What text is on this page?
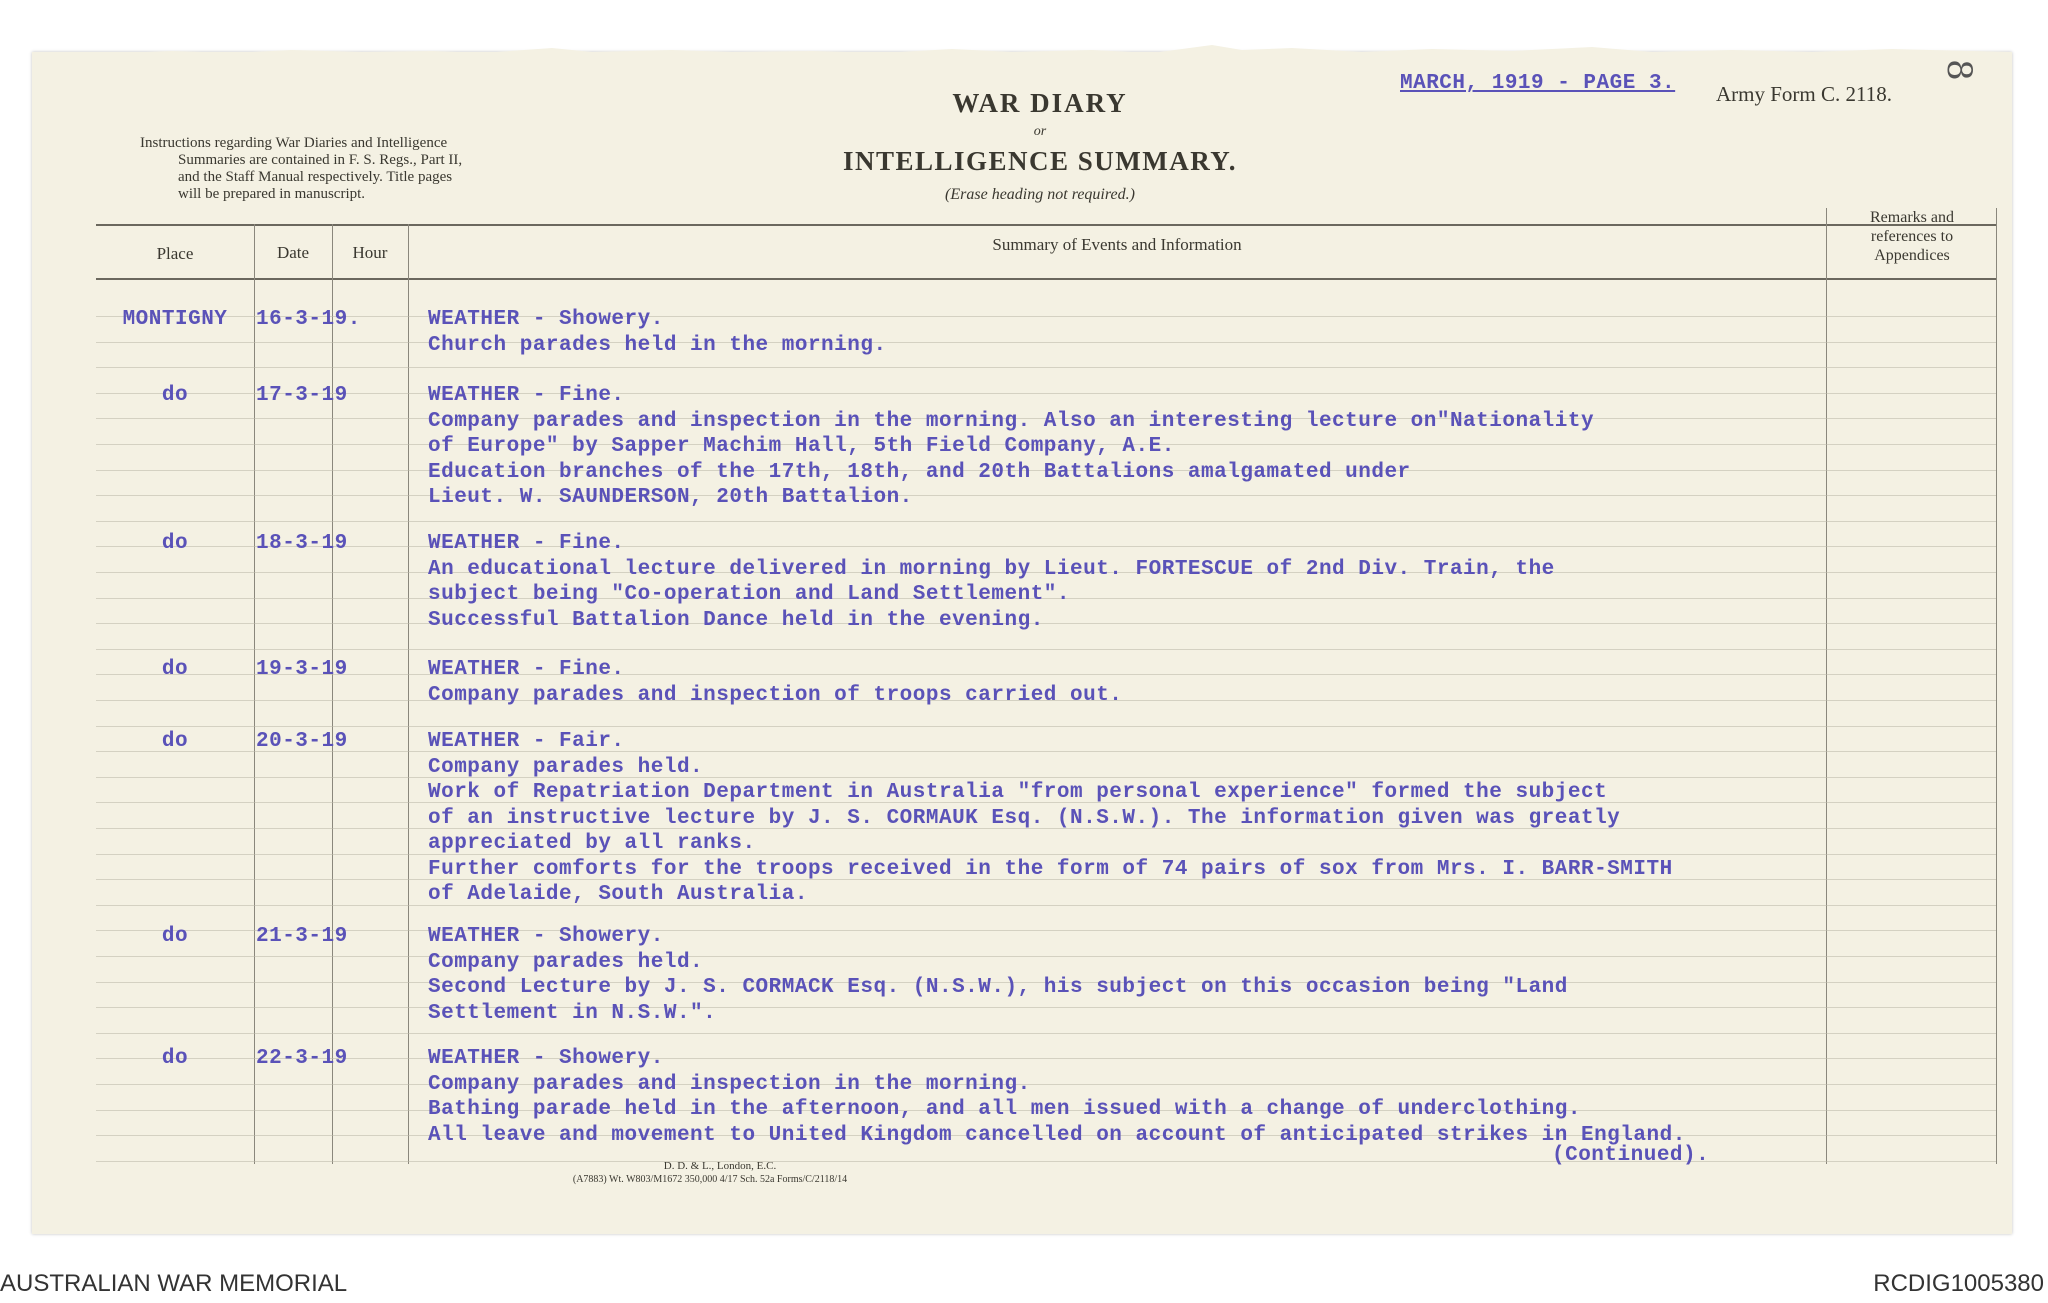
Instructions regarding War Diaries and Intelligence
Summaries are contained in F. S. Regs., Part II,
and the Staff Manual respectively. Title pages
will be prepared in manuscript.
WAR DIARY
or
INTELLIGENCE SUMMARY.
(Erase heading not required.)
MARCH, 1919 - PAGE 3. Army Form C. 2118.
8
Place	Date	Hour	Summary of Events and Information
Remarks and
references to
Appendices
MONTIGNY	16-3-19.	WEATHER - Showery.
Church parades held in the morning.
do	17-3-19	WEATHER - Fine.
Company parades and inspection in the morning. Also an interesting lecture on"Nationality
of Europe" by Sapper Machim Hall, 5th Field Company, A.E.
Education branches of the 17th, 18th, and 20th Battalions amalgamated under
Lieut. W. SAUNDERSON, 20th Battalion.
do	18-3-19	WEATHER - Fine.
An educational lecture delivered in morning by Lieut. FORTESCUE of 2nd Div. Train, the
subject being "Co-operation and Land Settlement".
Successful Battalion Dance held in the evening.
do	19-3-19	WEATHER - Fine.
Company parades and inspection of troops carried out.
do	20-3-19	WEATHER - Fair.
Company parades held.
Work of Repatriation Department in Australia "from personal experience" formed the subject
of an instructive lecture by J. S. CORMAUK Esq. (N.S.W.). The information given was greatly
appreciated by all ranks.
Further comforts for the troops received in the form of 74 pairs of sox from Mrs. I. BARR-SMITH
of Adelaide, South Australia.
do	21-3-19	WEATHER - Showery.
Company parades held.
Second Lecture by J. S. CORMACK Esq. (N.S.W.), his subject on this occasion being "Land
Settlement in N.S.W.".
do	22-3-19	WEATHER - Showery.
Company parades and inspection in the morning.
Bathing parade held in the afternoon, and all men issued with a change of underclothing.
All leave and movement to United Kingdom cancelled on account of anticipated strikes in England.
(Continued).
D. D. & L., London, E.C.
(A7883) Wt. W803/M1672 350,000 4/17 Sch. 52a Forms/C/2118/14
AUSTRALIAN WAR MEMORIAL	RCDIG1005380
